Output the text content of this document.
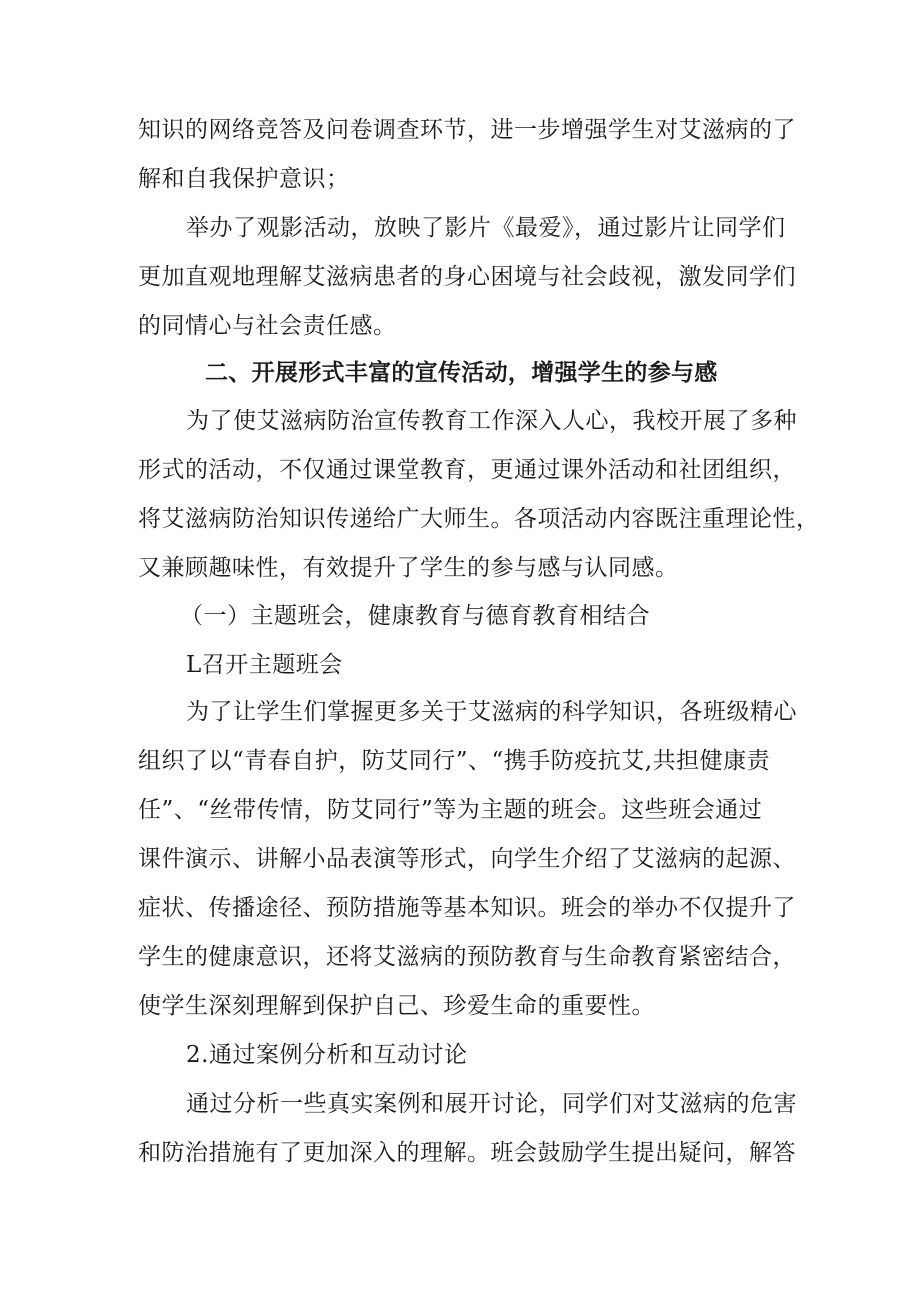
知识的网络竞答及问卷调查环节，进一步增强学生对艾滋病的了
解和自我保护意识；
举办了观影活动，放映了影片《最爱》，通过影片让同学们
更加直观地理解艾滋病患者的身心困境与社会歧视，激发同学们
的同情心与社会责任感。
二、开展形式丰富的宣传活动，增强学生的参与感
为了使艾滋病防治宣传教育工作深入人心，我校开展了多种
形式的活动，不仅通过课堂教育，更通过课外活动和社团组织，
将艾滋病防治知识传递给广大师生。各项活动内容既注重理论性，
又兼顾趣味性，有效提升了学生的参与感与认同感。
（一）主题班会，健康教育与德育教育相结合
L召开主题班会
为了让学生们掌握更多关于艾滋病的科学知识，各班级精心
组织了以“青春自护，防艾同行”、“携手防疫抗艾,共担健康责
任”、“丝带传情，防艾同行”等为主题的班会。这些班会通过
课件演示、讲解小品表演等形式，向学生介绍了艾滋病的起源、
症状、传播途径、预防措施等基本知识。班会的举办不仅提升了
学生的健康意识，还将艾滋病的预防教育与生命教育紧密结合，
使学生深刻理解到保护自己、珍爱生命的重要性。
2.通过案例分析和互动讨论
通过分析一些真实案例和展开讨论，同学们对艾滋病的危害
和防治措施有了更加深入的理解。班会鼓励学生提出疑问，解答
